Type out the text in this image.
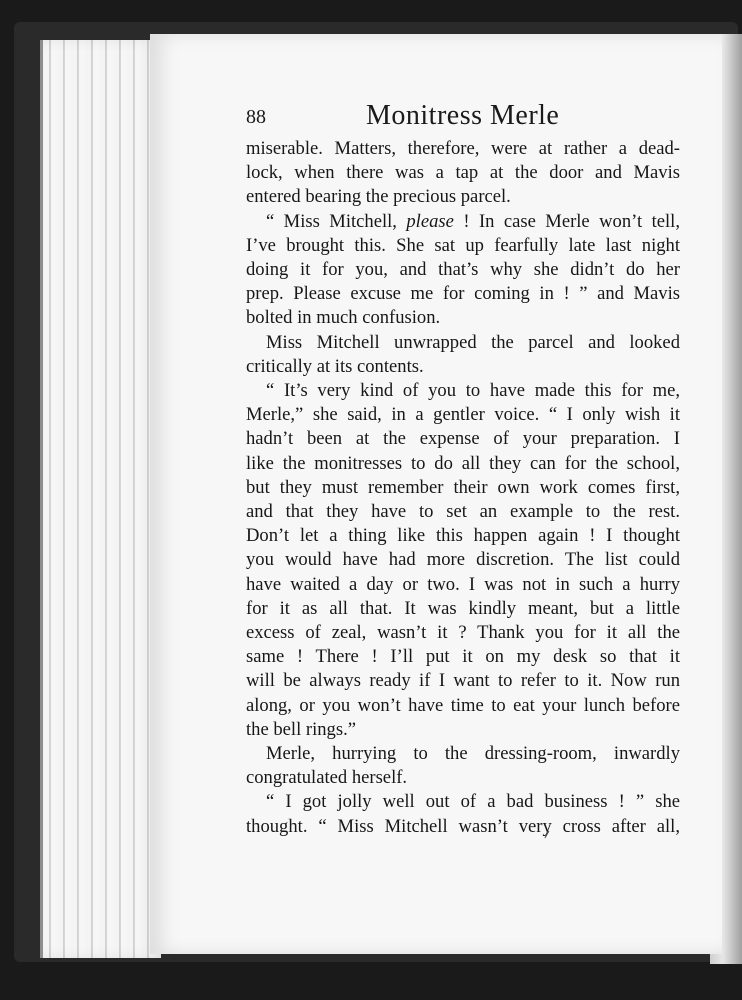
88	Monitress Merle
miserable. Matters, therefore, were at rather a dead-
lock, when there was a tap at the door and Mavis
entered bearing the precious parcel.
“ Miss Mitchell, please ! In case Merle won’t tell,
I’ve brought this. She sat up fearfully late last night
doing it for you, and that’s why she didn’t do her
prep. Please excuse me for coming in ! ” and Mavis
bolted in much confusion.
Miss Mitchell unwrapped the parcel and looked
critically at its contents.
“ It’s very kind of you to have made this for me,
Merle,” she said, in a gentler voice. “ I only wish it
hadn’t been at the expense of your preparation. I
like the monitresses to do all they can for the school,
but they must remember their own work comes first,
and that they have to set an example to the rest.
Don’t let a thing like this happen again ! I thought
you would have had more discretion. The list could
have waited a day or two. I was not in such a hurry
for it as all that. It was kindly meant, but a little
excess of zeal, wasn’t it ? Thank you for it all the
same ! There ! I’ll put it on my desk so that it
will be always ready if I want to refer to it. Now run
along, or you won’t have time to eat your lunch before
the bell rings.”
Merle, hurrying to the dressing-room, inwardly
congratulated herself.
“ I got jolly well out of a bad business ! ” she
thought. “ Miss Mitchell wasn’t very cross after all,
